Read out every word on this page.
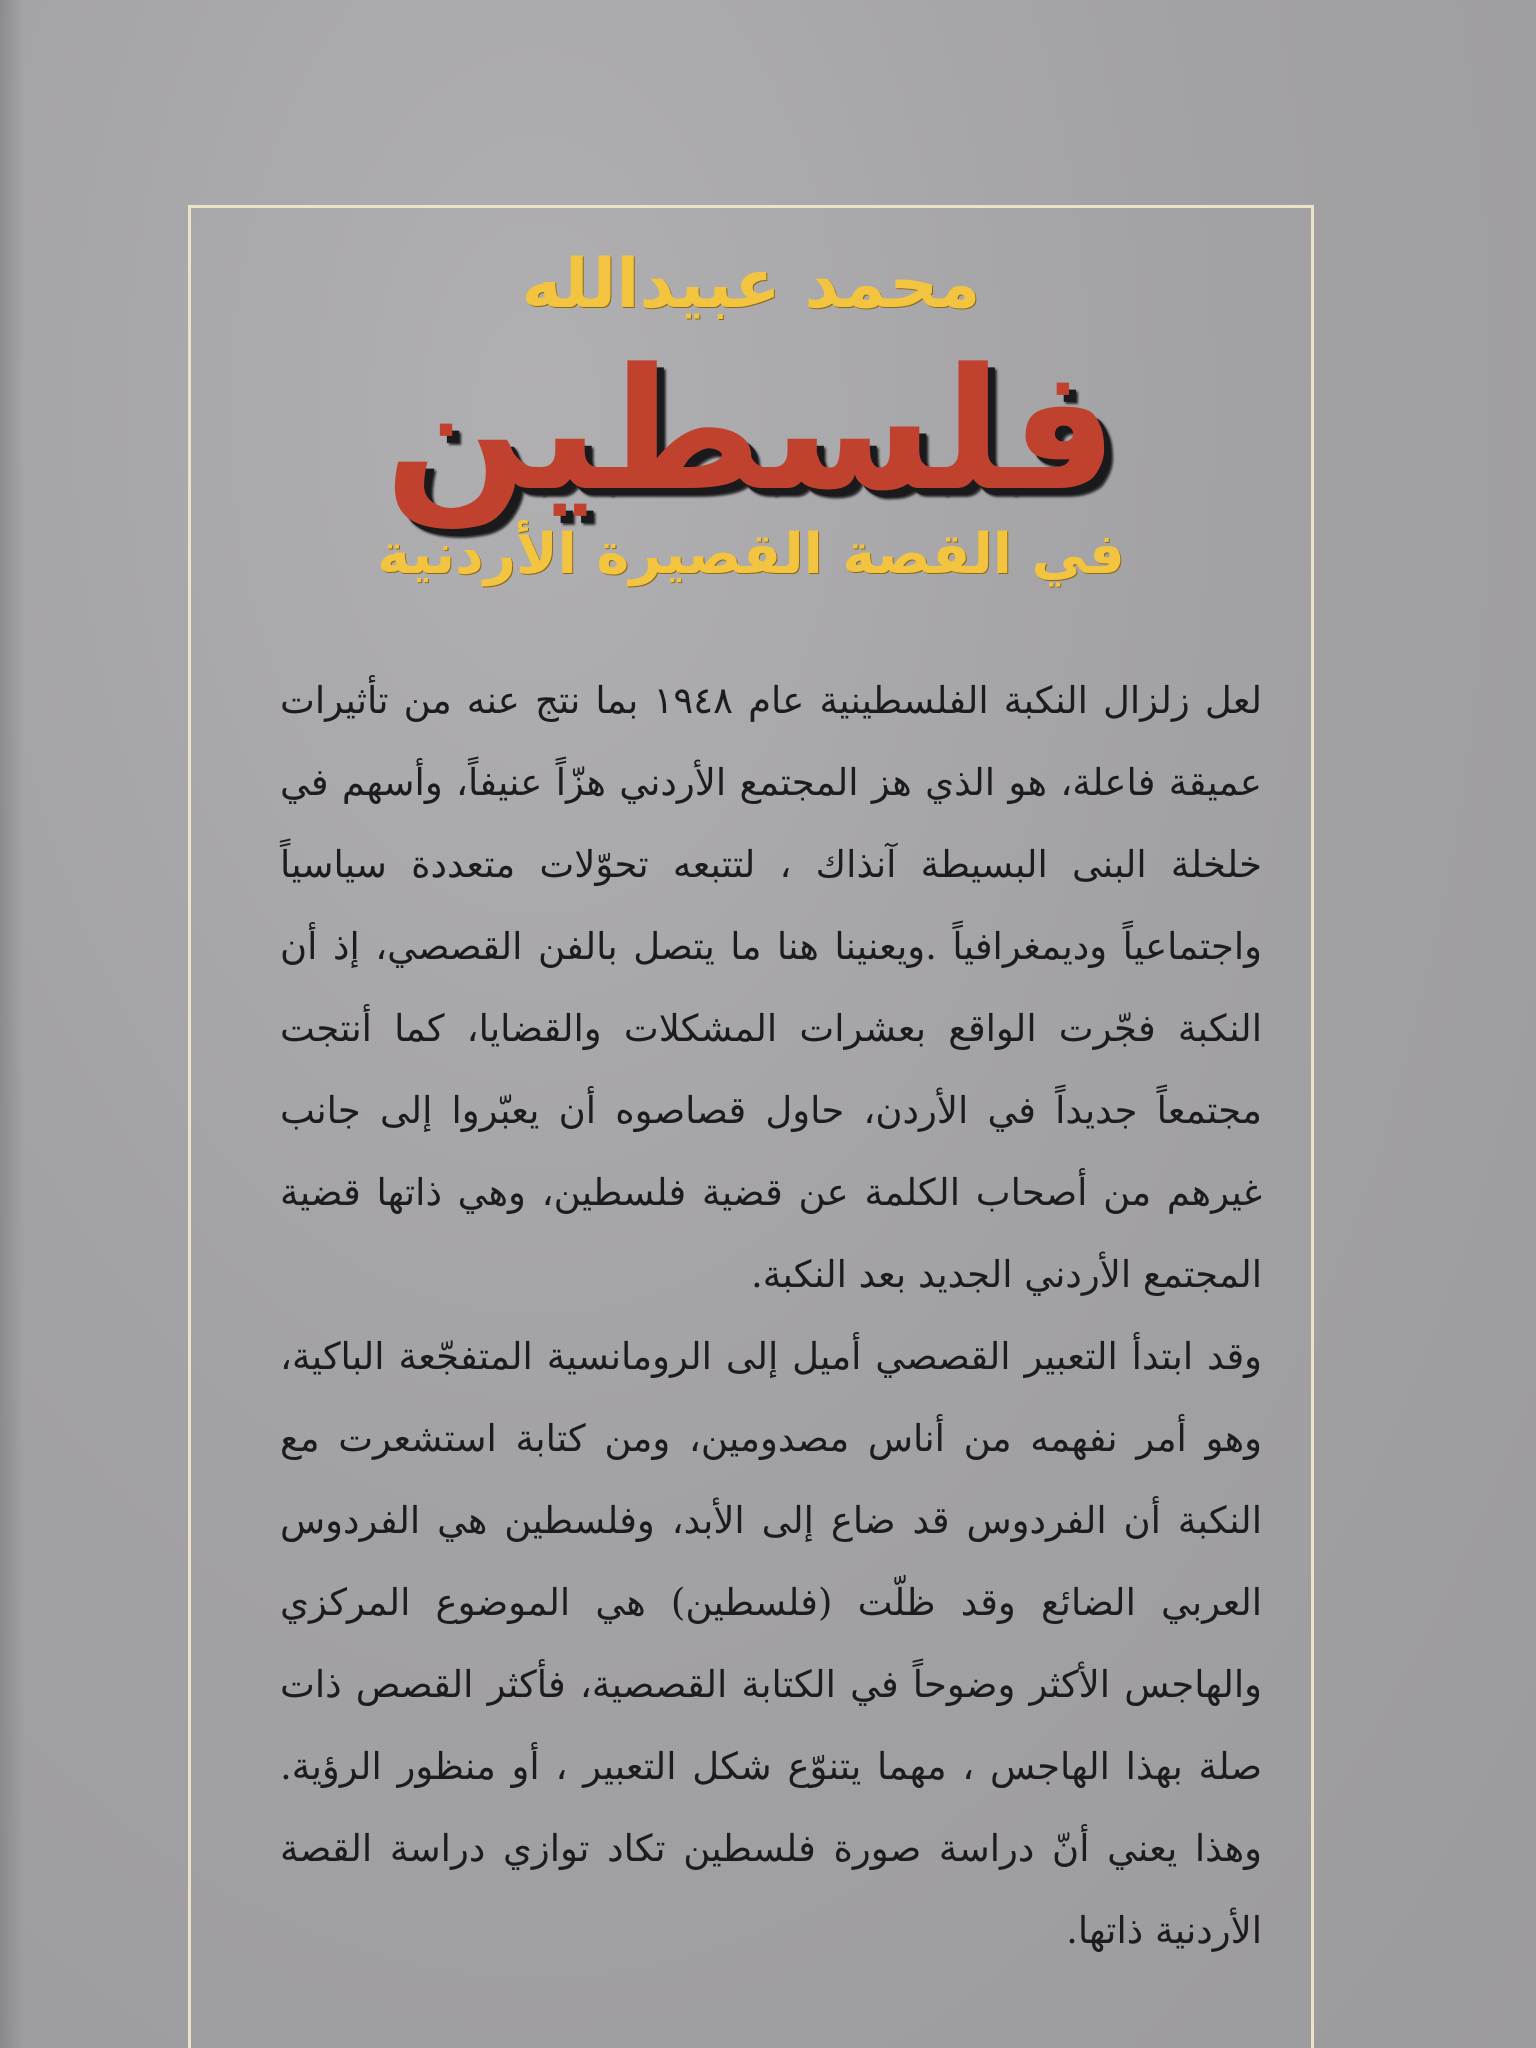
محمد عبيدالله
فلسطين
في القصة القصيرة الأردنية

لعل زلزال النكبة الفلسطينية عام ١٩٤٨ بما نتج عنه من تأثيرات عميقة فاعلة، هو الذي هز المجتمع الأردني هزّاً عنيفاً، وأسهم في خلخلة البنى البسيطة آنذاك ، لتتبعه تحوّلات متعددة سياسياً واجتماعياً وديمغرافياً .ويعنينا هنا ما يتصل بالفن القصصي، إذ أن النكبة فجّرت الواقع بعشرات المشكلات والقضايا، كما أنتجت مجتمعاً جديداً في الأردن، حاول قصاصوه أن يعبّروا إلى جانب غيرهم من أصحاب الكلمة عن قضية فلسطين، وهي ذاتها قضية المجتمع الأردني الجديد بعد النكبة.

وقد ابتدأ التعبير القصصي أميل إلى الرومانسية المتفجّعة الباكية، وهو أمر نفهمه من أناس مصدومين، ومن كتابة استشعرت مع النكبة أن الفردوس قد ضاع إلى الأبد، وفلسطين هي الفردوس العربي الضائع وقد ظلّت (فلسطين) هي الموضوع المركزي والهاجس الأكثر وضوحاً في الكتابة القصصية، فأكثر القصص ذات صلة بهذا الهاجس ، مهما يتنوّع شكل التعبير ، أو منظور الرؤية. وهذا يعني أنّ دراسة صورة فلسطين تكاد توازي دراسة القصة الأردنية ذاتها.
